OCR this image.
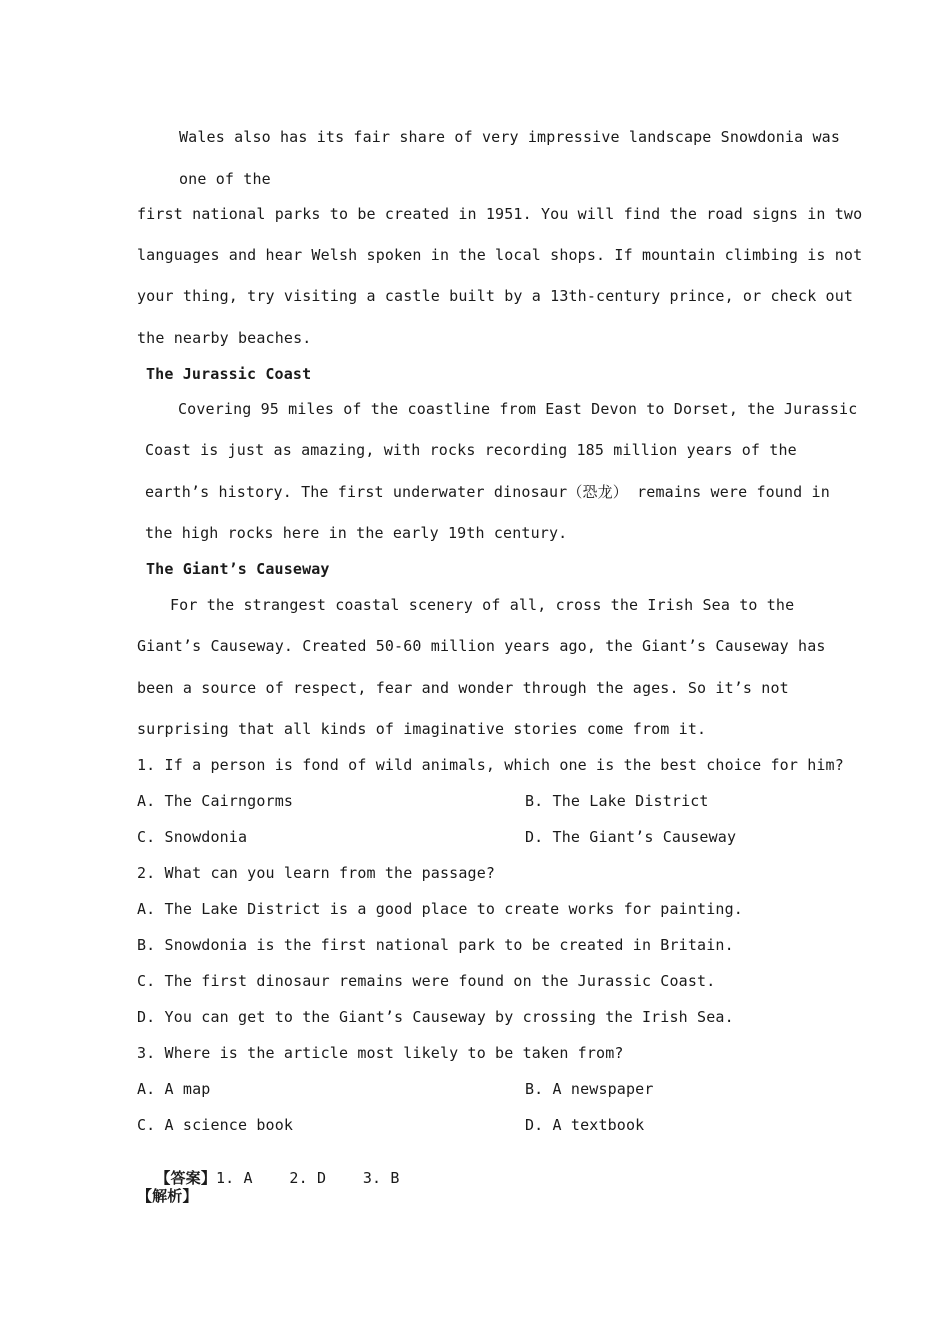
Wales also has its fair share of very impressive landscape Snowdonia was
one of the
first national parks to be created in 1951. You will find the road signs in two
languages and hear Welsh spoken in the local shops. If mountain climbing is not
your thing, try visiting a castle built by a 13th-century prince, or check out
the nearby beaches.
The Jurassic Coast
Covering 95 miles of the coastline from East Devon to Dorset, the Jurassic
Coast is just as amazing, with rocks recording 185 million years of the
earth’s history. The first underwater dinosaur（恐龙） remains were found in
the high rocks here in the early 19th century.
The Giant’s Causeway
For the strangest coastal scenery of all, cross the Irish Sea to the
Giant’s Causeway. Created 50-60 million years ago, the Giant’s Causeway has
been a source of respect, fear and wonder through the ages. So it’s not
surprising that all kinds of imaginative stories come from it.
1. If a person is fond of wild animals, which one is the best choice for him?
A. The Cairngorms	B. The Lake District
C. Snowdonia	D. The Giant’s Causeway
2. What can you learn from the passage?
A. The Lake District is a good place to create works for painting.
B. Snowdonia is the first national park to be created in Britain.
C. The first dinosaur remains were found on the Jurassic Coast.
D. You can get to the Giant’s Causeway by crossing the Irish Sea.
3. Where is the article most likely to be taken from?
A. A map	B. A newspaper
C. A science book	D. A textbook

【答案】1. A    2. D    3. B

【解析】
